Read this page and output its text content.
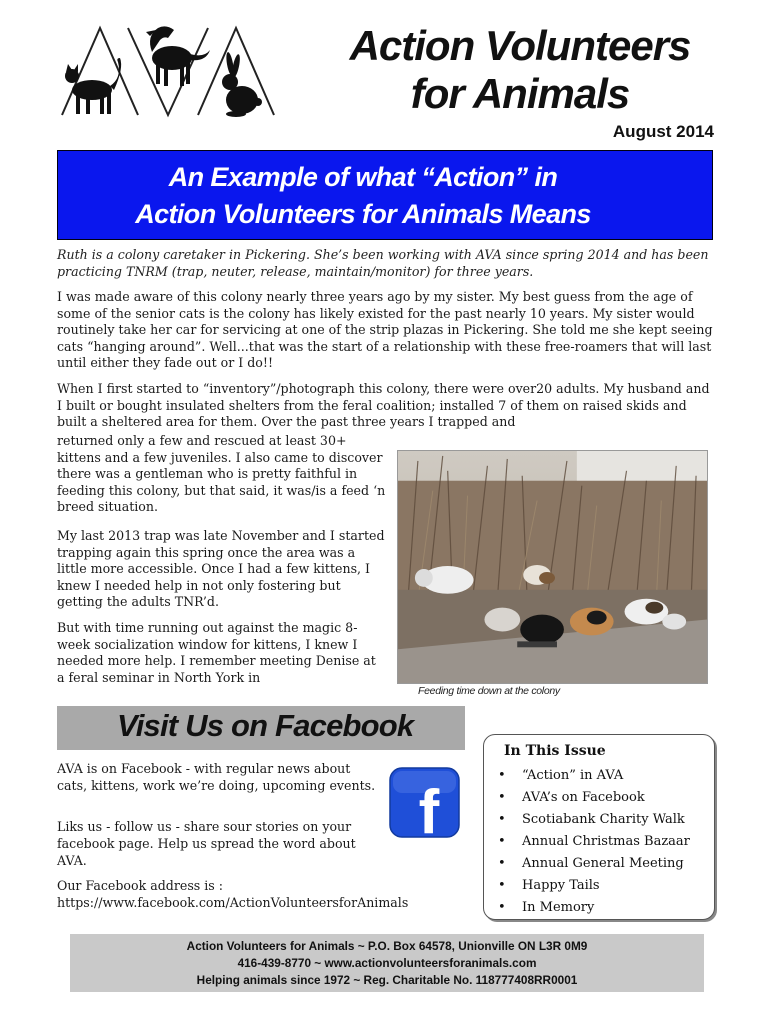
Action Volunteers
for Animals
August 2014
An Example of what “Action” in
Action Volunteers for Animals Means
Ruth is a colony caretaker in Pickering. She’s been working with AVA since spring 2014 and has been practicing TNRM (trap, neuter, release, maintain/monitor) for three years.
I was made aware of this colony nearly three years ago by my sister. My best guess from the age of some of the senior cats is the colony has likely existed for the past nearly 10 years. My sister would routinely take her car for servicing at one of the strip plazas in Pickering. She told me she kept seeing cats “hanging around”. Well...that was the start of a relationship with these free-roamers that will last until either they fade out or I do!!
When I first started to “inventory”/photograph this colony, there were over20 adults. My husband and I built or bought insulated shelters from the feral coalition; installed 7 of them on raised skids and built a sheltered area for them. Over the past three years I trapped and
returned only a few and rescued at least 30+ kittens and a few juveniles. I also came to discover there was a gentleman who is pretty faithful in feeding this colony, but that said, it was/is a feed ‘n breed situation.
My last 2013 trap was late November and I started trapping again this spring once the area was a little more accessible. Once I had a few kittens, I knew I needed help in not only fostering but getting the adults TNR’d.
But with time running out against the magic 8-week socialization window for kittens, I knew I needed more help. I remember meeting Denise at a feral seminar in North York in
Feeding time down at the colony
Visit Us on Facebook
AVA is on Facebook - with regular news about cats, kittens, work we’re doing, upcoming events.
Liks us - follow us - share sour stories on your facebook page. Help us spread the word about AVA.
Our Facebook address is :
https://www.facebook.com/ActionVolunteersforAnimals
f
In This Issue
• “Action” in AVA
• AVA’s on Facebook
• Scotiabank Charity Walk
• Annual Christmas Bazaar
• Annual General Meeting
• Happy Tails
• In Memory
Action Volunteers for Animals ~ P.O. Box 64578, Unionville ON L3R 0M9
416-439-8770 ~ www.actionvolunteersforanimals.com
Helping animals since 1972 ~ Reg. Charitable No. 118777408RR0001
